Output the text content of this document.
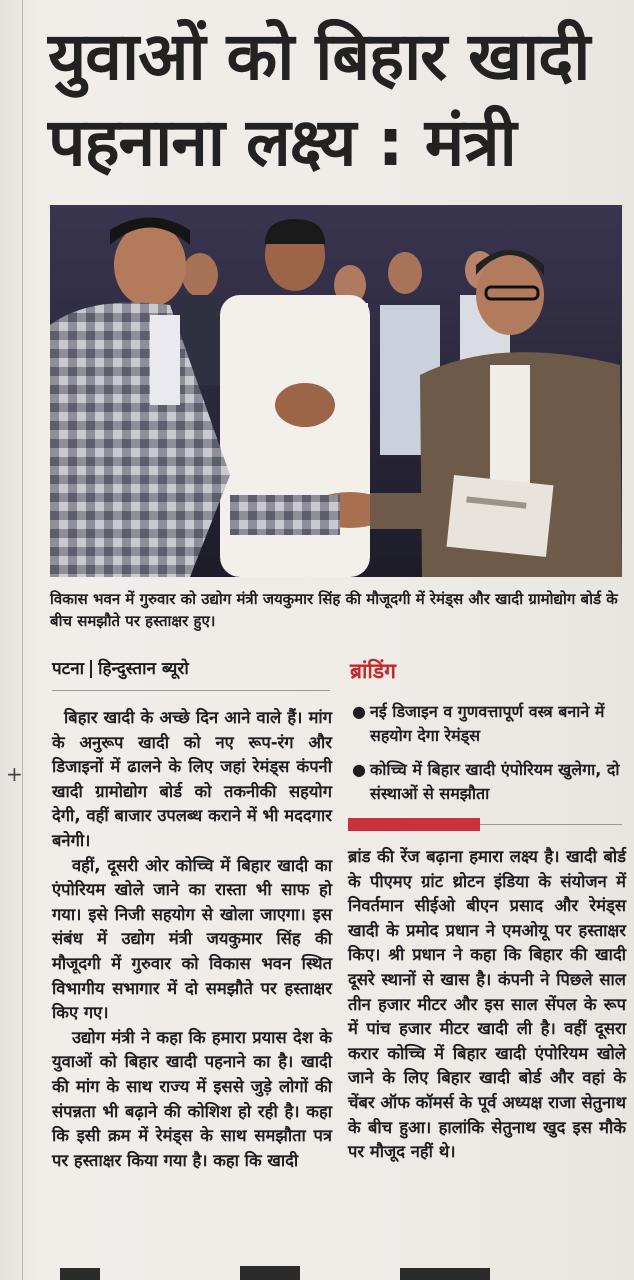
+
युवाओं को बिहार खादी
पहनाना लक्ष्य : मंत्री
विकास भवन में गुरुवार को उद्योग मंत्री जयकुमार सिंह की मौजूदगी में रेमंड्स और खादी ग्रामोद्योग बोर्ड के बीच समझौते पर हस्ताक्षर हुए।
पटना हिन्दुस्तान ब्यूरो	ब्रांडिंग
● नई डिजाइन व गुणवत्तापूर्ण वस्त्र बनाने में सहयोग देगा रेमंड्स
● कोच्चि में बिहार खादी एंपोरियम खुलेगा, दो संस्थाओं से समझौता

बिहार खादी के अच्छे दिन आने वाले हैं। मांग के अनुरूप खादी को नए रूप-रंग और डिजाइनों में ढालने के लिए जहां रेमंड्स कंपनी खादी ग्रामोद्योग बोर्ड को तकनीकी सहयोग देगी, वहीं बाजार उपलब्ध कराने में भी मददगार बनेगी।

वहीं, दूसरी ओर कोच्चि में बिहार खादी का एंपोरियम खोले जाने का रास्ता भी साफ हो गया। इसे निजी सहयोग से खोला जाएगा। इस संबंध में उद्योग मंत्री जयकुमार सिंह की मौजूदगी में गुरुवार को विकास भवन स्थित विभागीय सभागार में दो समझौते पर हस्ताक्षर किए गए।

उद्योग मंत्री ने कहा कि हमारा प्रयास देश के युवाओं को बिहार खादी पहनाने का है। खादी की मांग के साथ राज्य में इससे जुड़े लोगों की संपन्नता भी बढ़ाने की कोशिश हो रही है। कहा कि इसी क्रम में रेमंड्स के साथ समझौता पत्र पर हस्ताक्षर किया गया है। कहा कि खादी

ब्रांड की रेंज बढ़ाना हमारा लक्ष्य है। खादी बोर्ड के पीएमए ग्रांट थ्रोटन इंडिया के संयोजन में निवर्तमान सीईओ बीएन प्रसाद और रेमंड्स खादी के प्रमोद प्रधान ने एमओयू पर हस्ताक्षर किए। श्री प्रधान ने कहा कि बिहार की खादी दूसरे स्थानों से खास है। कंपनी ने पिछले साल तीन हजार मीटर और इस साल सेंपल के रूप में पांच हजार मीटर खादी ली है। वहीं दूसरा करार कोच्चि में बिहार खादी एंपोरियम खोले जाने के लिए बिहार खादी बोर्ड और वहां के चेंबर ऑफ कॉमर्स के पूर्व अध्यक्ष राजा सेतुनाथ के बीच हुआ। हालांकि सेतुनाथ खुद इस मौके पर मौजूद नहीं थे।
